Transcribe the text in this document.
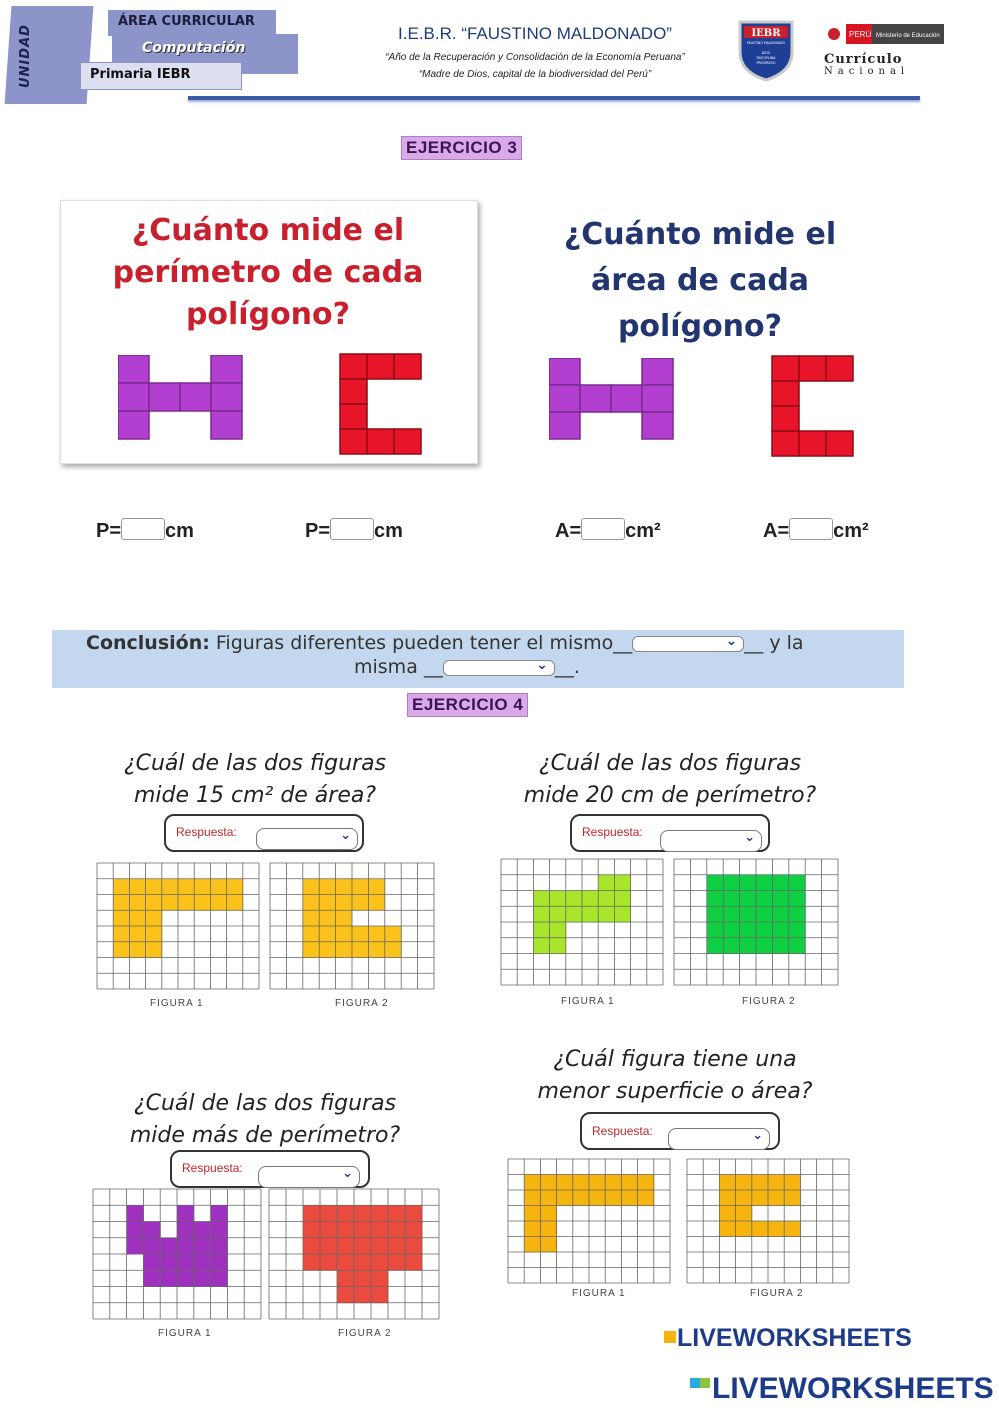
UNIDAD
ÁREA CURRICULAR
Computación
Primaria IEBR
I.E.B.R. “FAUSTINO MALDONADO”
“Año de la Recuperación y Consolidación de la Economía Peruana”
“Madre de Dios, capital de la biodiversidad del Perú”
IEBR
FAUSTINO MALDONADO
DIOS
DISCIPLINA
PROGRESO
PERÚ Ministerio de Educación
Currículo
Nacional
EJERCICIO 3
¿Cuánto mide el
perímetro de cada
polígono?
¿Cuánto mide el
área de cada
polígono?
P= cm	P= cm	A= cm²	A= cm²
Conclusión: Figuras diferentes pueden tener el mismo__	⌄ __ y la
misma __	⌄ __.
EJERCICIO 4
¿Cuál de las dos figuras
mide 15 cm² de área?
Respuesta:	⌄
¿Cuál de las dos figuras
mide 20 cm de perímetro?
Respuesta:	⌄
¿Cuál de las dos figuras
mide más de perímetro?
Respuesta:	⌄
¿Cuál figura tiene una
menor superficie o área?
Respuesta:	⌄
FIGURA 1	FIGURA 2	FIGURA 1	FIGURA 2
FIGURA 1	FIGURA 2
FIGURA 1	FIGURA 2
LIVEWORKSHEETS
LIVEWORKSHEETS
